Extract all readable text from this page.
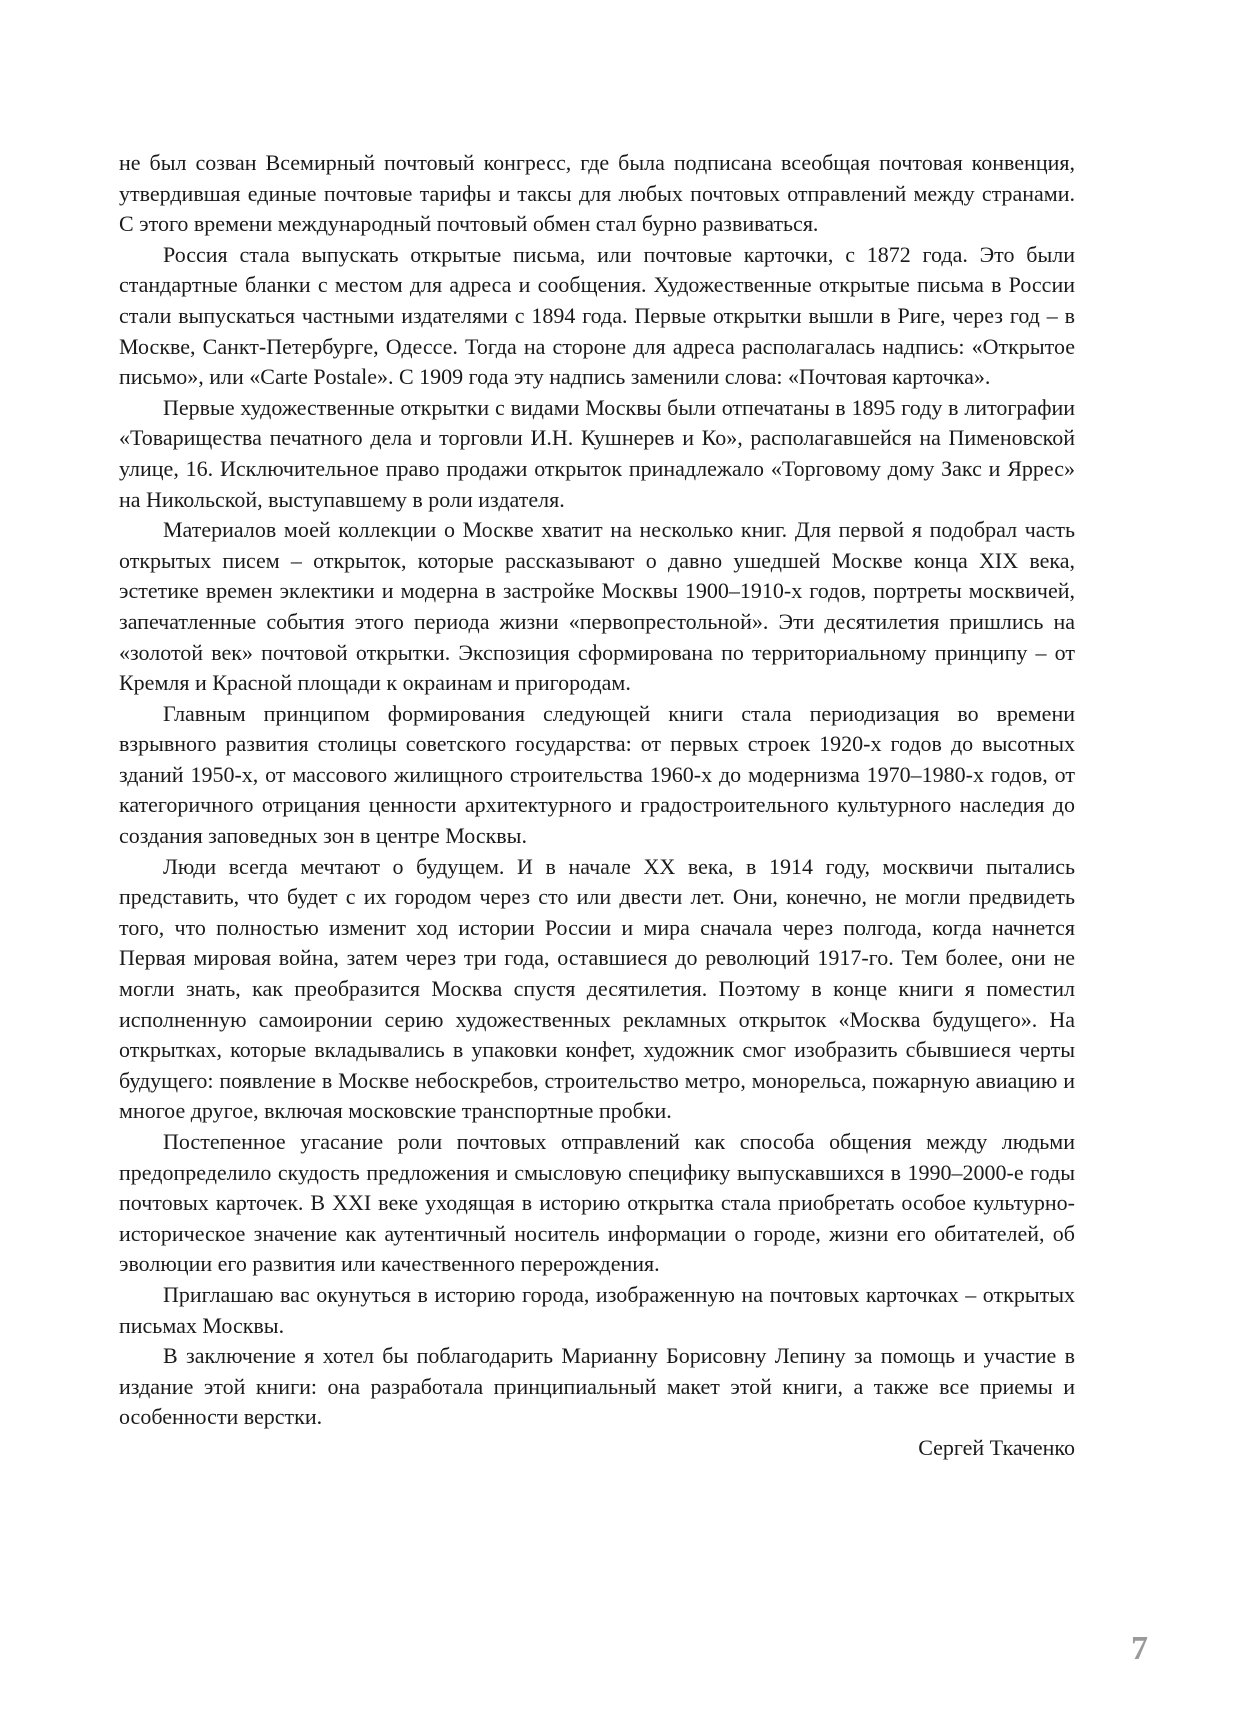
не был созван Всемирный почтовый конгресс, где была подписана всеобщая почтовая конвенция, утвердившая единые почтовые тарифы и таксы для любых почтовых отправлений между странами. С этого времени международный почтовый обмен стал бурно развиваться.

Россия стала выпускать открытые письма, или почтовые карточки, с 1872 года. Это были стандартные бланки с местом для адреса и сообщения. Художественные открытые письма в России стали выпускаться частными издателями с 1894 года. Первые открытки вышли в Риге, через год – в Москве, Санкт-Петербурге, Одессе. Тогда на стороне для адреса располагалась надпись: «Открытое письмо», или «Carte Postale». С 1909 года эту надпись заменили слова: «Почтовая карточка».

Первые художественные открытки с видами Москвы были отпечатаны в 1895 году в литографии «Товарищества печатного дела и торговли И.Н. Кушнерев и Ко», располагавшейся на Пименовской улице, 16. Исключительное право продажи открыток принадлежало «Торговому дому Закс и Яррес» на Никольской, выступавшему в роли издателя.

Материалов моей коллекции о Москве хватит на несколько книг. Для первой я подобрал часть открытых писем – открыток, которые рассказывают о давно ушедшей Москве конца XIX века, эстетике времен эклектики и модерна в застройке Москвы 1900–1910-х годов, портреты москвичей, запечатленные события этого периода жизни «первопрестольной». Эти десятилетия пришлись на «золотой век» почтовой открытки. Экспозиция сформирована по территориальному принципу – от Кремля и Красной площади к окраинам и пригородам.

Главным принципом формирования следующей книги стала периодизация во времени взрывного развития столицы советского государства: от первых строек 1920-х годов до высотных зданий 1950-х, от массового жилищного строительства 1960-х до модернизма 1970–1980-х годов, от категоричного отрицания ценности архитектурного и градостроительного культурного наследия до создания заповедных зон в центре Москвы.

Люди всегда мечтают о будущем. И в начале XX века, в 1914 году, москвичи пытались представить, что будет с их городом через сто или двести лет. Они, конечно, не могли предвидеть того, что полностью изменит ход истории России и мира сначала через полгода, когда начнется Первая мировая война, затем через три года, оставшиеся до революций 1917-го. Тем более, они не могли знать, как преобразится Москва спустя десятилетия. Поэтому в конце книги я поместил исполненную самоиронии серию художественных рекламных открыток «Москва будущего». На открытках, которые вкладывались в упаковки конфет, художник смог изобразить сбывшиеся черты будущего: появление в Москве небоскребов, строительство метро, монорельса, пожарную авиацию и многое другое, включая московские транспортные пробки.

Постепенное угасание роли почтовых отправлений как способа общения между людьми предопределило скудость предложения и смысловую специфику выпускавшихся в 1990–2000-е годы почтовых карточек. В XXI веке уходящая в историю открытка стала приобретать особое культурно-историческое значение как аутентичный носитель информации о городе, жизни его обитателей, об эволюции его развития или качественного перерождения.

Приглашаю вас окунуться в историю города, изображенную на почтовых карточках – открытых письмах Москвы.

В заключение я хотел бы поблагодарить Марианну Борисовну Лепину за помощь и участие в издание этой книги: она разработала принципиальный макет этой книги, а также все приемы и особенности верстки.

Сергей Ткаченко

7
